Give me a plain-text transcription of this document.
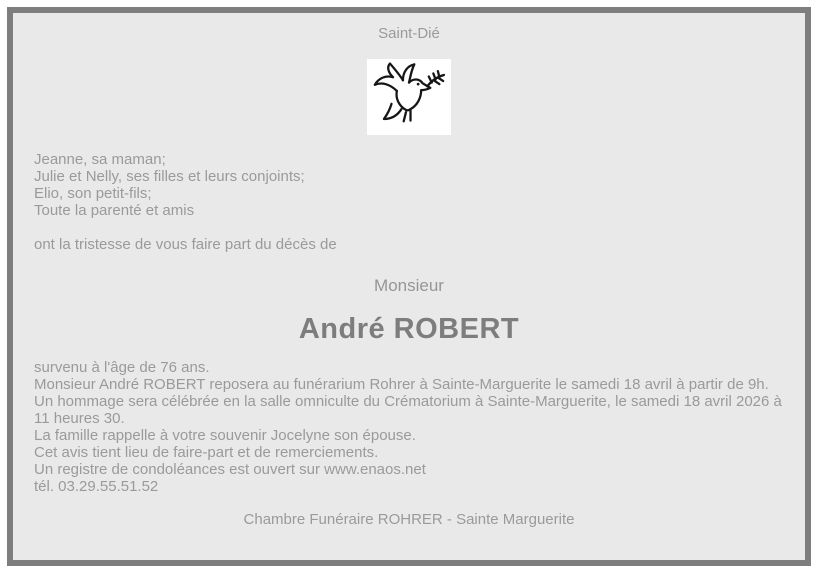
Saint-Dié
Jeanne, sa maman;
Julie et Nelly, ses filles et leurs conjoints;
Elio, son petit-fils;
Toute la parenté et amis
ont la tristesse de vous faire part du décès de
Monsieur
André ROBERT
survenu à l'âge de 76 ans.
Monsieur André ROBERT reposera au funérarium Rohrer à Sainte-Marguerite le samedi 18 avril à partir de 9h.
Un hommage sera célébrée en la salle omniculte du Crématorium à Sainte-Marguerite, le samedi 18 avril 2026 à 11 heures 30.
La famille rappelle à votre souvenir Jocelyne son épouse.
Cet avis tient lieu de faire-part et de remerciements.
Un registre de condoléances est ouvert sur www.enaos.net
tél. 03.29.55.51.52
Chambre Funéraire ROHRER - Sainte Marguerite
